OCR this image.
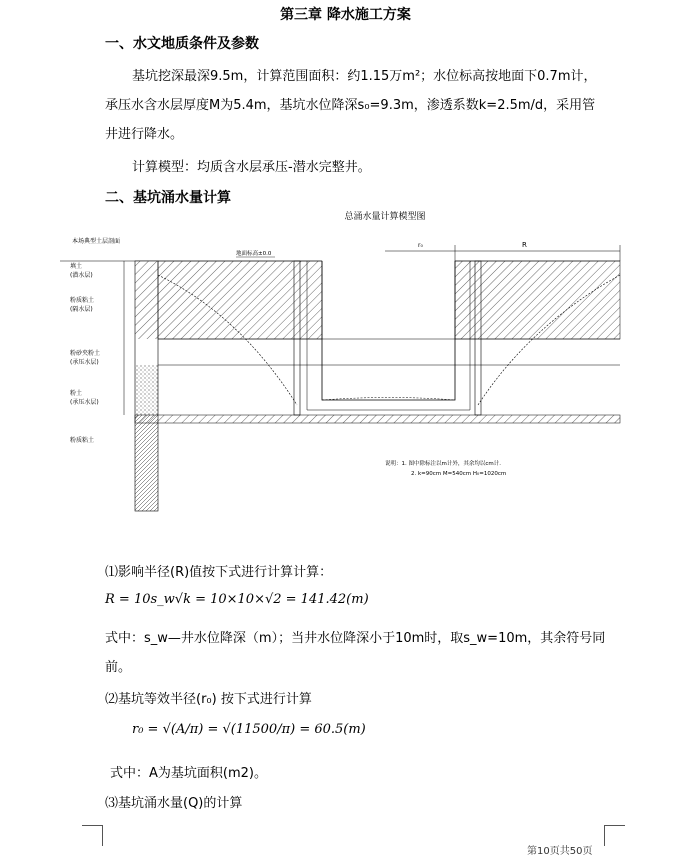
第三章 降水施工方案
一、水文地质条件及参数
基坑挖深最深9.5m，计算范围面积：约1.15万m²；水位标高按地面下0.7m计，
承压水含水层厚度M为5.4m，基坑水位降深s₀=9.3m，渗透系数k=2.5m/d，采用管
井进行降水。
计算模型：均质含水层承压-潜水完整井。
二、基坑涌水量计算
总涌水量计算模型图
本场典型土层剖面
填土
(潜水层)
粉质粘土
(隔水层)
粉砂夹粉土
(承压水层)
粉土
(承压水层)
粉质粘土
r₀	R
地面标高±0.0
说明：1. 图中除标注以m计外，其余均以cm计.
2. k=90cm M=540cm H₀=1020cm
⑴影响半径(R)值按下式进行计算计算：
R = 10s_w√k = 10×10×√2 = 141.42(m)
式中：s_w—井水位降深（m）；当井水位降深小于10m时，取s_w=10m，其余符号同
前。
⑵基坑等效半径(r₀) 按下式进行计算
r₀ = √(A/π) = √(11500/π) = 60.5(m)
式中：A为基坑面积(m2)。
⑶基坑涌水量(Q)的计算
第10页共50页
